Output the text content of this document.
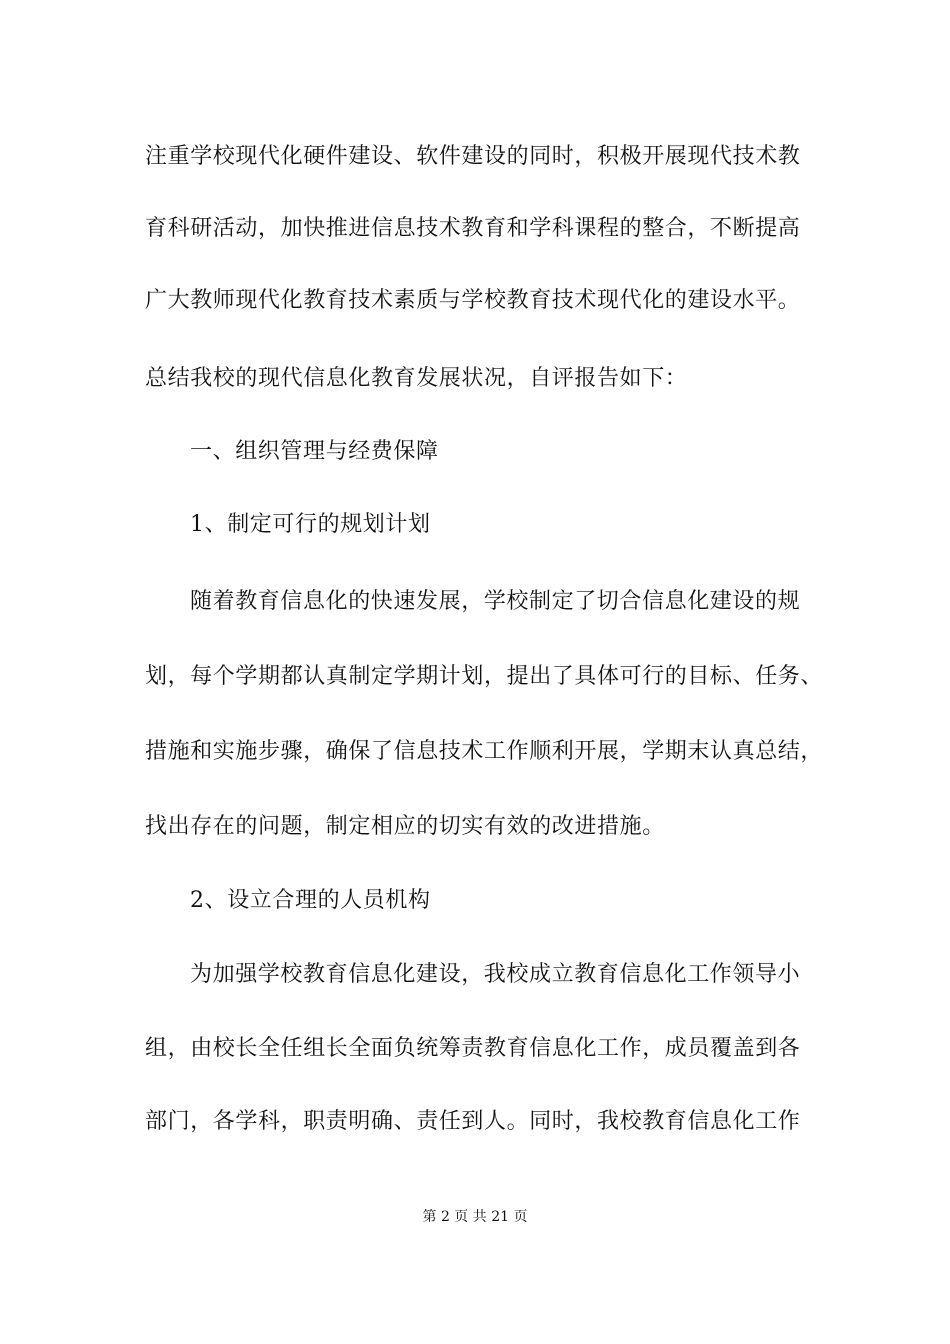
注重学校现代化硬件建设、软件建设的同时，积极开展现代技术教
育科研活动，加快推进信息技术教育和学科课程的整合，不断提高
广大教师现代化教育技术素质与学校教育技术现代化的建设水平。
总结我校的现代信息化教育发展状况，自评报告如下：
一、组织管理与经费保障
1、制定可行的规划计划
随着教育信息化的快速发展，学校制定了切合信息化建设的规
划，每个学期都认真制定学期计划，提出了具体可行的目标、任务、
措施和实施步骤，确保了信息技术工作顺利开展，学期末认真总结，
找出存在的问题，制定相应的切实有效的改进措施。
2、设立合理的人员机构
为加强学校教育信息化建设，我校成立教育信息化工作领导小
组，由校长全任组长全面负统筹责教育信息化工作，成员覆盖到各
部门，各学科，职责明确、责任到人。同时，我校教育信息化工作
第 2 页 共 21 页
